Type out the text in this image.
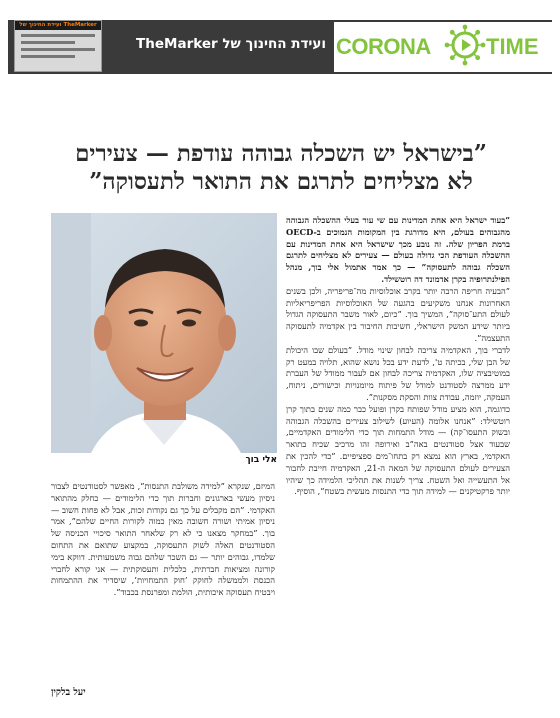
TheMarker ועידת החינוך של
ועידת החינוך של TheMarker CORONA	TIME
”בישראל יש השכלה גבוהה עודפת — צעירים
לא מצליחים לתרגם את התואר לתעסוקה”
אלי בוך

”בעוד ישראל היא אחת המדינות עם שי עור בעלי ההשכלה הגבוהה מהגבוהים בעולם, היא מדורגת בין המקומות הנמוכים ב-OECD ברמת הפריון שלה. זה נובע מכך שישראל היא אחת המדינות עם ההשכלה העודפת הכי גדולה בעולם — צעירים לא מצליחים לתרגם השכלה גבוהה לתעסוקה” — כך אמר אתמול אלי בוך, מנהל הפילנתרופיה בקרן אדמונד דה רוטשילד.

”הבעיה חריפה הרבה יותר בקרב אוכלוסיות מה־פריפריה, ולכן בשנים האחרונות אנחנו משקיעים בהגעה של האוכלוסיות הפריפריאליות לעולם התע־סוקה”, המשיך בוך. ”כיום, לאור משבר התעסוקה הגדול ביותר שידע המשק הישראלי, חשיבות החיבור בין אקדמיה לתעסוקה התעצמה”.

לדברי בוך, האקדמיה צריכה לבחון שינוי מודל. ”בעולם שבו היכולת של הבן שלי, בכיתה ט', לדעת ידע בכל נושא שהוא, תלויה במעט רק במוטיבציה שלו, האקדמיה צריכה לבחון אם לעבור ממודל של העברת ידע ממרצה לסטודנט למודל של פיתוח מיומנויות וכישורים, ניתוח, העמקה, יוזמה, עבודת צוות והסקת מסקנות”.

כדוגמה, הוא מציע מודל שפותח בקרן ופועל כבר כמה שנים בתוך קרן רוטשילד: ”אנחנו אלומה (העיוע) לשילוב צעירים בהשכלה הגבוהה ובשוק התעסו־קה) — מודל התמחות תוך כדי הלימודים האקדמיים, שבעוד אצל סטודנטים באה”ב ואירופה זהו מרכיב שכיח בתואר האקדמי, בארץ הוא נמצא רק בתחו־מים ספציפיים. ”כדי להכין את הצעירים לעולם התעסוקה של המאה ה-21, האקדמיה חייבת לחבור אל התעשייה ואל השטח. צריך לשנות את תהליכי הלמידה כך שיהיו יותר פרקטיקנים — למידה תוך כדי התנסות מעשית בשטח”, הוסיף.

המיזם, שנקרא ”למידה משולבת התנסות”, מאפשר לסטודנטים לצבור ניסיון מעשי בארגונים וחברות תוך כדי הלימודים — כחלק מהתואר האקדמי. ”הם מקבלים על כך גם נקודות זכות, אבל לא פחות חשוב — ניסיון אמיתי ושורה חשובה מאין כמוה לקורות החיים שלהם”, אמר בוך. ”במחקר מצאנו כי לא רק שלאחר התואר סיכויי הכניסה של הסטודנטים האלה לשוק התעסוקה, במקצוע שתואם את התחום שלמדו, גבוהים יותר — גם השכר שלהם גבוה משמעותית. דווקא בימי קורונה ומציאות חברתית, כלכלית ותעסוקתית — אני קורא לחברי הכנסת ולממשלה לחוקק ’חוק התמחויות’, שיסדיר את ההתמחות ויבטיח תעסוקה איכותית, הולמת ומפרנסת בכבוד”.

יעל בלקין
